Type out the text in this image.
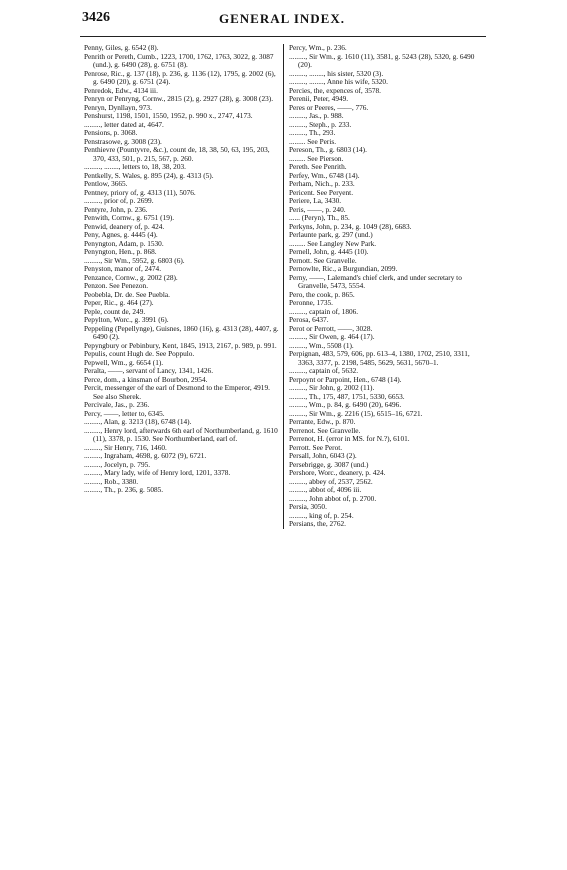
3426	GENERAL INDEX.
Penny, Giles, g. 6542 (8).
Penrith or Pereth, Cumb., 1223, 1700, 1762, 1763, 3022, g. 3087 (und.), g. 6490 (28), g. 6751 (8).
Penrose, Ric., g. 137 (18), p. 236, g. 1136 (12), 1795, g. 2002 (6), g. 6490 (20), g. 6751 (24).
Penredok, Edw., 4134 iii.
Penryn or Penryng, Cornw., 2815 (2), g. 2927 (28), g. 3008 (23).
Penryn, Dynllayn, 973.
Penshurst, 1198, 1501, 1550, 1952, p. 990 x., 2747, 4173.
........., letter dated at, 4647.
Pensions, p. 3068.
Penstrasowe, g. 3008 (23).
Penthievre (Pountyvre, &c.), count de, 18, 38, 50, 63, 195, 203, 370, 433, 501, p. 215, 567, p. 260.
........., ........, letters to, 18, 38, 203.
Pentkelly, S. Wales, g. 895 (24), g. 4313 (5).
Pentlow, 3665.
Pentney, priory of, g. 4313 (11), 5076.
........., prior of, p. 2699.
Pentyre, John, p. 236.
Penwith, Cornw., g. 6751 (19).
Penwid, deanery of, p. 424.
Peny, Agnes, g. 4445 (4).
Penyngton, Adam, p. 1530.
Penyngton, Hen., p. 868.
........., Sir Wm., 5952, g. 6803 (6).
Penyston, manor of, 2474.
Penzance, Cornw., g. 2002 (28).
Penzon. See Penezon.
Peobebla, Dr. de. See Puebla.
Peper, Ric., g. 464 (27).
Peple, count de, 249.
Pepylton, Worc., g. 3991 (6).
Peppeling (Pepellynge), Guisnes, 1860 (16), g. 4313 (28), 4407, g. 6490 (2).
Pepyngbury or Pebinbury, Kent, 1845, 1913, 2167, p. 989, p. 991.
Pepulis, count Hugh de. See Poppulo.
Pepwell, Wm., g. 6654 (1).
Peralta, ——, servant of Lancy, 1341, 1426.
Perce, dom., a kinsman of Bourbon, 2954.
Percit, messenger of the earl of Desmond to the Emperor, 4919. See also Sherek.
Percivale, Jas., p. 236.
Percy, ——, letter to, 6345.
........., Alan, g. 3213 (18), 6748 (14).
........., Henry lord, afterwards 6th earl of Northumberland, g. 1610 (11), 3378, p. 1530. See Northumberland, earl of.
........., Sir Henry, 716, 1460.
........., Ingraham, 4698, g. 6072 (9), 6721.
........., Jocelyn, p. 795.
........., Mary lady, wife of Henry lord, 1201, 3378.
........., Rob., 3380.
........., Th., p. 236, g. 5085.
Percy, Wm., p. 236.
........., Sir Wm., g. 1610 (11), 3581, g. 5243 (28), 5320, g. 6490 (20).
........., ........, his sister, 5320 (3).
........., ........, Anne his wife, 5320.
Percies, the, expences of, 3578.
Perenii, Peter, 4949.
Peres or Peeres, ——, 776.
........., Jas., p. 988.
........., Steph., p. 233.
........., Th., 293.
......... See Peris.
Pereson, Th., g. 6803 (14).
......... See Pierson.
Pereth. See Penrith.
Perfey, Wm., 6748 (14).
Perham, Nich., p. 233.
Pericent. See Peryent.
Periere, La, 3430.
Peris, ——, p. 240.
...... (Peryn), Th., 85.
Perkyns, John, p. 234, g. 1049 (28), 6683.
Perlaunte park, g. 297 (und.)
......... See Langley New Park.
Pernell, John, g. 4445 (10).
Pernott. See Granvelle.
Pernowlte, Ric., a Burgundian, 2099.
Perny, ——, Lalemand's chief clerk, and under secretary to Granvelle, 5473, 5554.
Pero, the cook, p. 865.
Peronne, 1735.
........., captain of, 1806.
Perosa, 6437.
Perot or Perrott, ——, 3028.
........., Sir Owen, g. 464 (17).
........., Wm., 5508 (1).
Perpignan, 483, 579, 606, pp. 613–4, 1380, 1702, 2510, 3311, 3363, 3377, p. 2198, 5485, 5629, 5631, 5670–1.
........., captain of, 5632.
Perpoynt or Parpoint, Hen., 6748 (14).
........., Sir John, g. 2002 (11).
........., Th., 175, 487, 1751, 5330, 6653.
........., Wm., p. 84, g. 6490 (20), 6496.
........., Sir Wm., g. 2216 (15), 6515–16, 6721.
Perrante, Edw., p. 870.
Perrenot. See Granvelle.
Perrenot, H. (error in MS. for N.?), 6101.
Perrott. See Perot.
Persall, John, 6043 (2).
Persebrigge, g. 3087 (und.)
Pershore, Worc., deanery, p. 424.
........., abbey of, 2537, 2562.
........., abbot of, 4096 iii.
........., John abbot of, p. 2700.
Persia, 3050.
........., king of, p. 254.
Persians, the, 2762.
